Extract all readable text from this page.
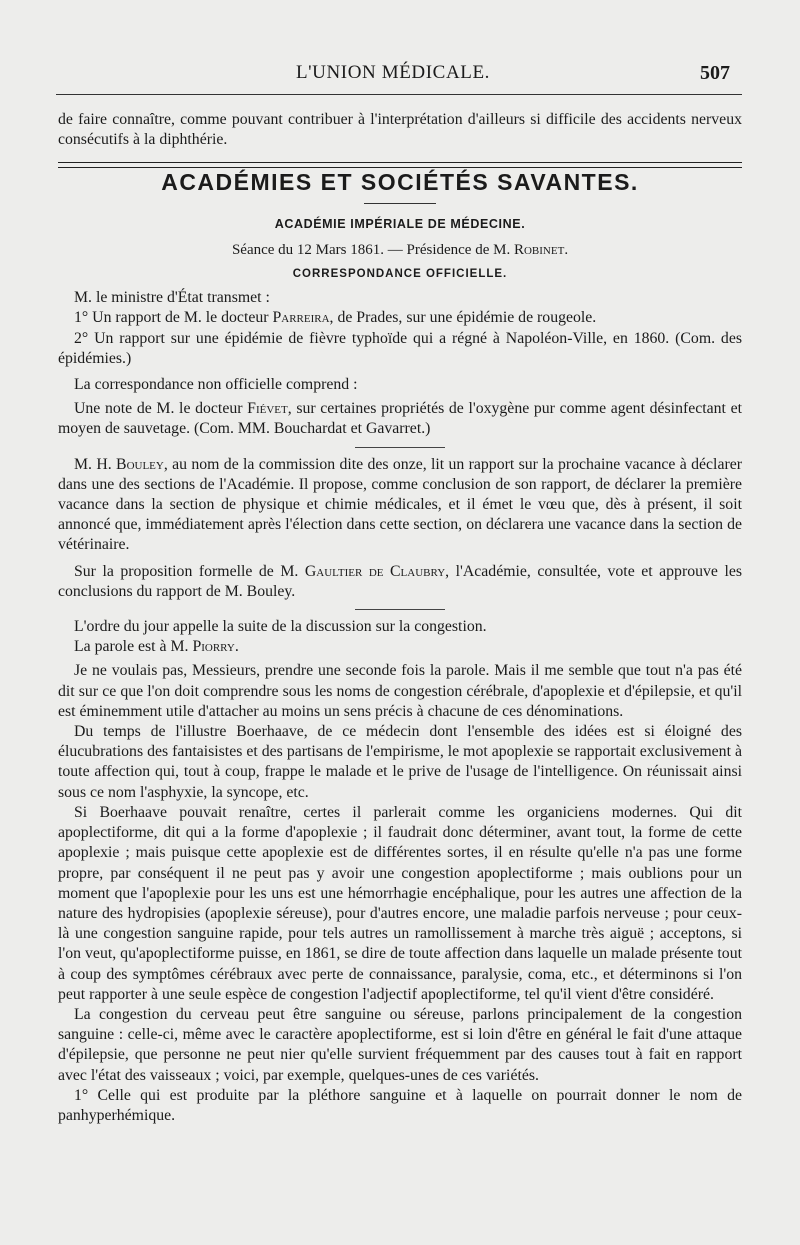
L'UNION MÉDICALE.	507

de faire connaître, comme pouvant contribuer à l'interprétation d'ailleurs si difficile des accidents nerveux consécutifs à la diphthérie.

ACADÉMIES ET SOCIÉTÉS SAVANTES.

ACADÉMIE IMPÉRIALE DE MÉDECINE.

Séance du 12 Mars 1861. — Présidence de M. Robinet.

CORRESPONDANCE OFFICIELLE.

M. le ministre d'État transmet :

1° Un rapport de M. le docteur Parreira, de Prades, sur une épidémie de rougeole.

2° Un rapport sur une épidémie de fièvre typhoïde qui a régné à Napoléon-Ville, en 1860. (Com. des épidémies.)

La correspondance non officielle comprend :

Une note de M. le docteur Fiévet, sur certaines propriétés de l'oxygène pur comme agent désinfectant et moyen de sauvetage. (Com. MM. Bouchardat et Gavarret.)

M. H. Bouley, au nom de la commission dite des onze, lit un rapport sur la prochaine vacance à déclarer dans une des sections de l'Académie. Il propose, comme conclusion de son rapport, de déclarer la première vacance dans la section de physique et chimie médicales, et il émet le vœu que, dès à présent, il soit annoncé que, immédiatement après l'élection dans cette section, on déclarera une vacance dans la section de vétérinaire.

Sur la proposition formelle de M. Gaultier de Claubry, l'Académie, consultée, vote et approuve les conclusions du rapport de M. Bouley.

L'ordre du jour appelle la suite de la discussion sur la congestion.

La parole est à M. Piorry.

Je ne voulais pas, Messieurs, prendre une seconde fois la parole. Mais il me semble que tout n'a pas été dit sur ce que l'on doit comprendre sous les noms de congestion cérébrale, d'apoplexie et d'épilepsie, et qu'il est éminemment utile d'attacher au moins un sens précis à chacune de ces dénominations.

Du temps de l'illustre Boerhaave, de ce médecin dont l'ensemble des idées est si éloigné des élucubrations des fantaisistes et des partisans de l'empirisme, le mot apoplexie se rapportait exclusivement à toute affection qui, tout à coup, frappe le malade et le prive de l'usage de l'intelligence. On réunissait ainsi sous ce nom l'asphyxie, la syncope, etc.

Si Boerhaave pouvait renaître, certes il parlerait comme les organiciens modernes. Qui dit apoplectiforme, dit qui a la forme d'apoplexie ; il faudrait donc déterminer, avant tout, la forme de cette apoplexie ; mais puisque cette apoplexie est de différentes sortes, il en résulte qu'elle n'a pas une forme propre, par conséquent il ne peut pas y avoir une congestion apoplectiforme ; mais oublions pour un moment que l'apoplexie pour les uns est une hémorrhagie encéphalique, pour les autres une affection de la nature des hydropisies (apoplexie séreuse), pour d'autres encore, une maladie parfois nerveuse ; pour ceux-là une congestion sanguine rapide, pour tels autres un ramollissement à marche très aiguë ; acceptons, si l'on veut, qu'apoplectiforme puisse, en 1861, se dire de toute affection dans laquelle un malade présente tout à coup des symptômes cérébraux avec perte de connaissance, paralysie, coma, etc., et déterminons si l'on peut rapporter à une seule espèce de congestion l'adjectif apoplectiforme, tel qu'il vient d'être considéré.

La congestion du cerveau peut être sanguine ou séreuse, parlons principalement de la congestion sanguine : celle-ci, même avec le caractère apoplectiforme, est si loin d'être en général le fait d'une attaque d'épilepsie, que personne ne peut nier qu'elle survient fréquemment par des causes tout à fait en rapport avec l'état des vaisseaux ; voici, par exemple, quelques-unes de ces variétés.

1° Celle qui est produite par la pléthore sanguine et à laquelle on pourrait donner le nom de panhyperhémique.
